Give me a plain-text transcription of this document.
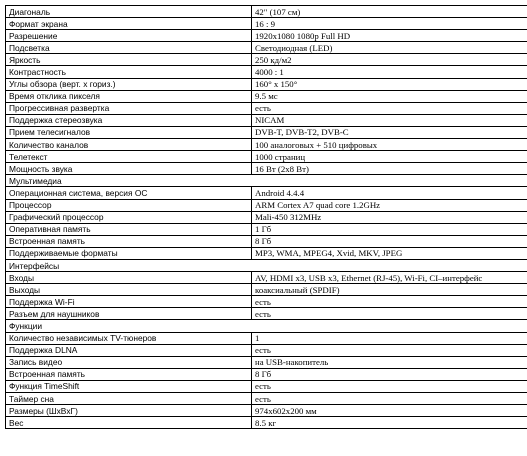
Диагональ	42" (107 см)
Формат экрана	16 : 9
Разрешение	1920x1080 1080p Full HD
Подсветка	Светодиодная (LED)
Яркость	250 кд/м2
Контрастность	4000 : 1
Углы обзора (верт. x гориз.)	160° x 150°
Время отклика пикселя	9.5 мс
Прогрессивная развертка	есть
Поддержка стереозвука	NICAM
Прием телесигналов	DVB-T, DVB-T2, DVB-C
Количество каналов	100 аналоговых + 510 цифровых
Телетекст	1000 страниц
Мощность звука	16 Вт (2x8 Вт)
Мультимедиа	
Операционная система, версия ОС	Android 4.4.4
Процессор	ARM Cortex A7 quad core 1.2GHz
Графический процессор	Mali-450 312MHz
Оперативная память	1 Гб
Встроенная память	8 Гб
Поддерживаемые форматы	MP3, WMA, MPEG4, Xvid, MKV, JPEG
Интерфейсы	
Входы	AV, HDMI x3, USB x3, Ethernet (RJ-45), Wi-Fi, CI–интерфейс
Выходы	коаксиальный (SPDIF)
Поддержка Wi-Fi	есть
Разъем для наушников	есть
Функции	
Количество независимых TV-тюнеров	1
Поддержка DLNA	есть
Запись видео	на USB-накопитель
Встроенная память	8 Гб
Функция TimeShift	есть
Таймер сна	есть
Размеры (ШxВxГ)	974x602x200 мм
Вес	8.5 кг
